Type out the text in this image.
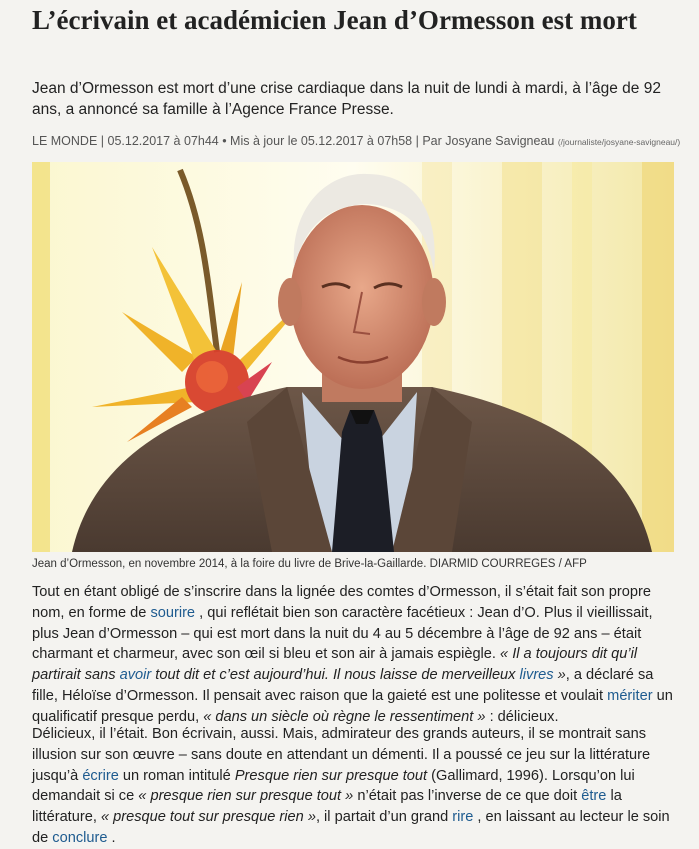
L’écrivain et académicien Jean d’Ormesson est mort
Jean d’Ormesson est mort d’une crise cardiaque dans la nuit de lundi à mardi, à l’âge de 92 ans, a annoncé sa famille à l’Agence France Presse.
LE MONDE | 05.12.2017 à 07h44 • Mis à jour le 05.12.2017 à 07h58 | Par Josyane Savigneau (/journaliste/josyane-savigneau/)
Jean d’Ormesson, en novembre 2014, à la foire du livre de Brive-la-Gaillarde. DIARMID COURREGES / AFP

Tout en étant obligé de s’inscrire dans la lignée des comtes d’Ormesson, il s’était fait son propre nom, en forme de sourire , qui reflétait bien son caractère facétieux : Jean d’O. Plus il vieillissait, plus Jean d’Ormesson – qui est mort dans la nuit du 4 au 5 décembre à l’âge de 92 ans – était charmant et charmeur, avec son œil si bleu et son air à jamais espiègle. « Il a toujours dit qu’il partirait sans avoir tout dit et c’est aujourd’hui. Il nous laisse de merveilleux livres », a déclaré sa fille, Héloïse d’Ormesson. Il pensait avec raison que la gaieté est une politesse et voulait mériter un qualificatif presque perdu, « dans un siècle où règne le ressentiment » : délicieux.

Délicieux, il l’était. Bon écrivain, aussi. Mais, admirateur des grands auteurs, il se montrait sans illusion sur son œuvre – sans doute en attendant un démenti. Il a poussé ce jeu sur la littérature jusqu’à écrire un roman intitulé Presque rien sur presque tout (Gallimard, 1996). Lorsqu’on lui demandait si ce « presque rien sur presque tout » n’était pas l’inverse de ce que doit être la littérature, « presque tout sur presque rien », il partait d’un grand rire , en laissant au lecteur le soin de conclure .
